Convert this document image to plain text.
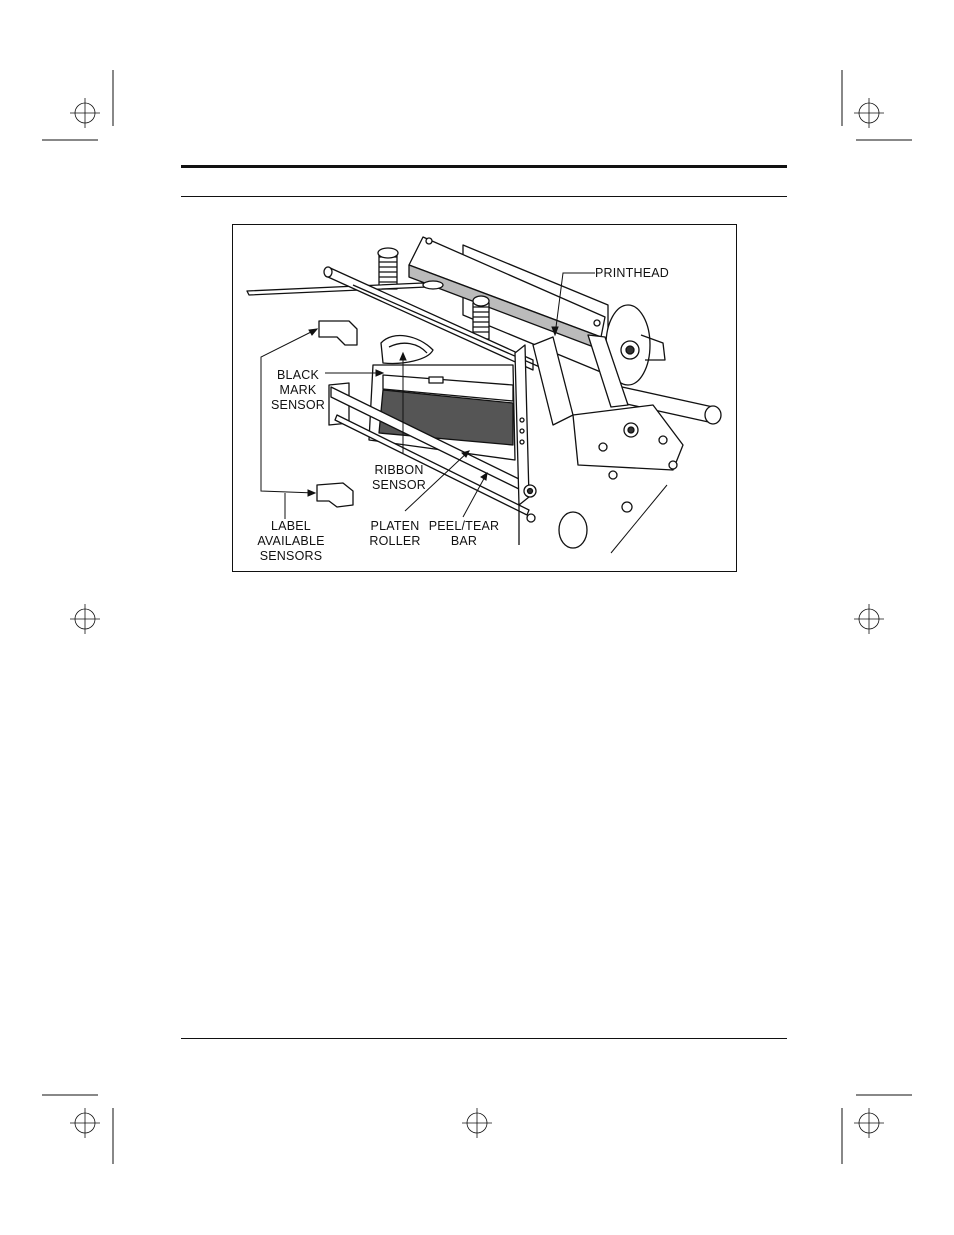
PRINTHEAD
BLACK
MARK
SENSOR
RIBBON
SENSOR
LABEL
AVAILABLE
SENSORS
PLATEN
ROLLER
PEEL/TEAR
BAR
